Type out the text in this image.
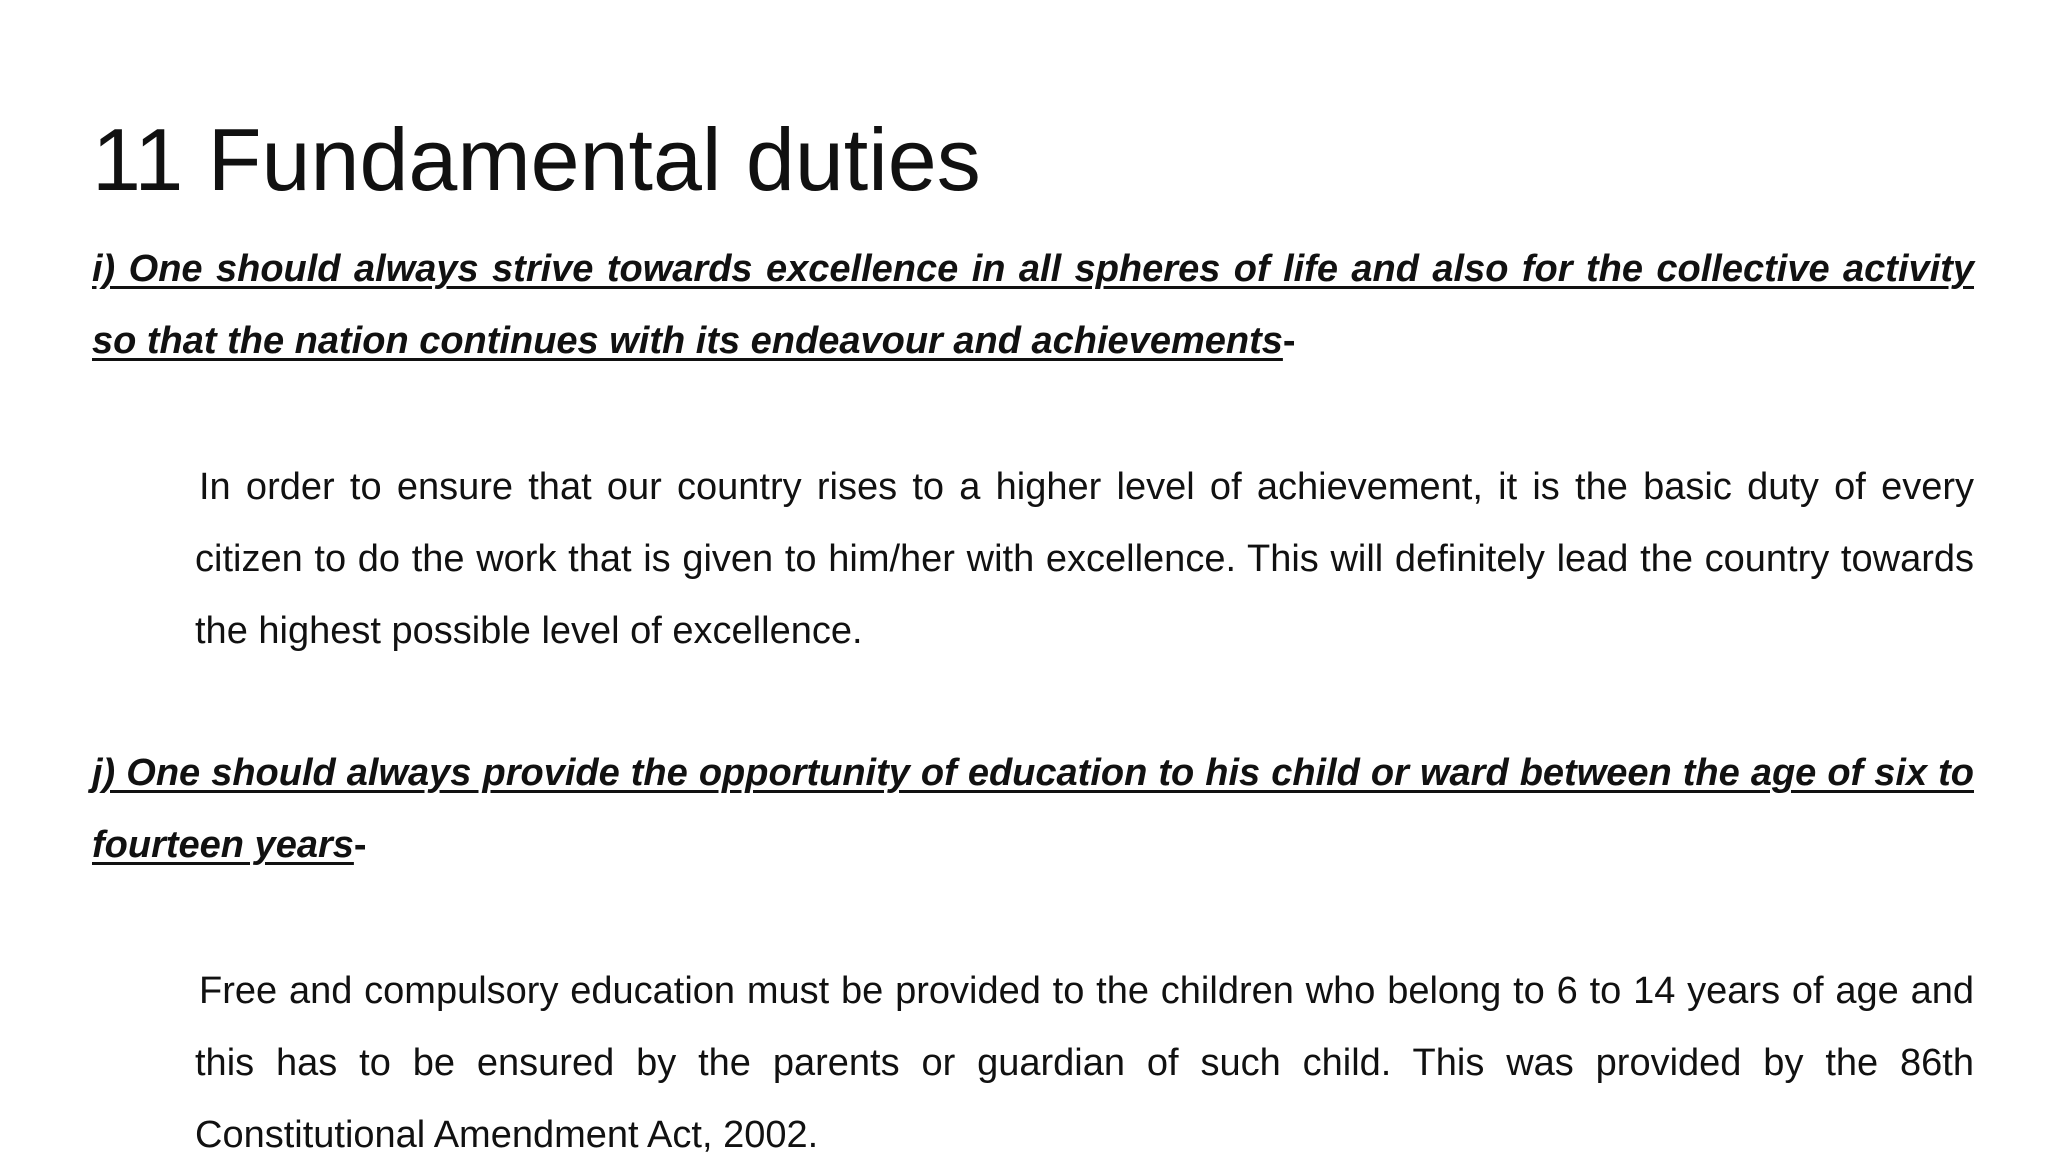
11 Fundamental duties

i) One should always strive towards excellence in all spheres of life and also for the collective activity so that the nation continues with its endeavour and achievements-

In order to ensure that our country rises to a higher level of achievement, it is the basic duty of every citizen to do the work that is given to him/her with excellence. This will definitely lead the country towards the highest possible level of excellence.

j) One should always provide the opportunity of education to his child or ward between the age of six to fourteen years-

Free and compulsory education must be provided to the children who belong to 6 to 14 years of age and this has to be ensured by the parents or guardian of such child. This was provided by the 86th Constitutional Amendment Act, 2002.
